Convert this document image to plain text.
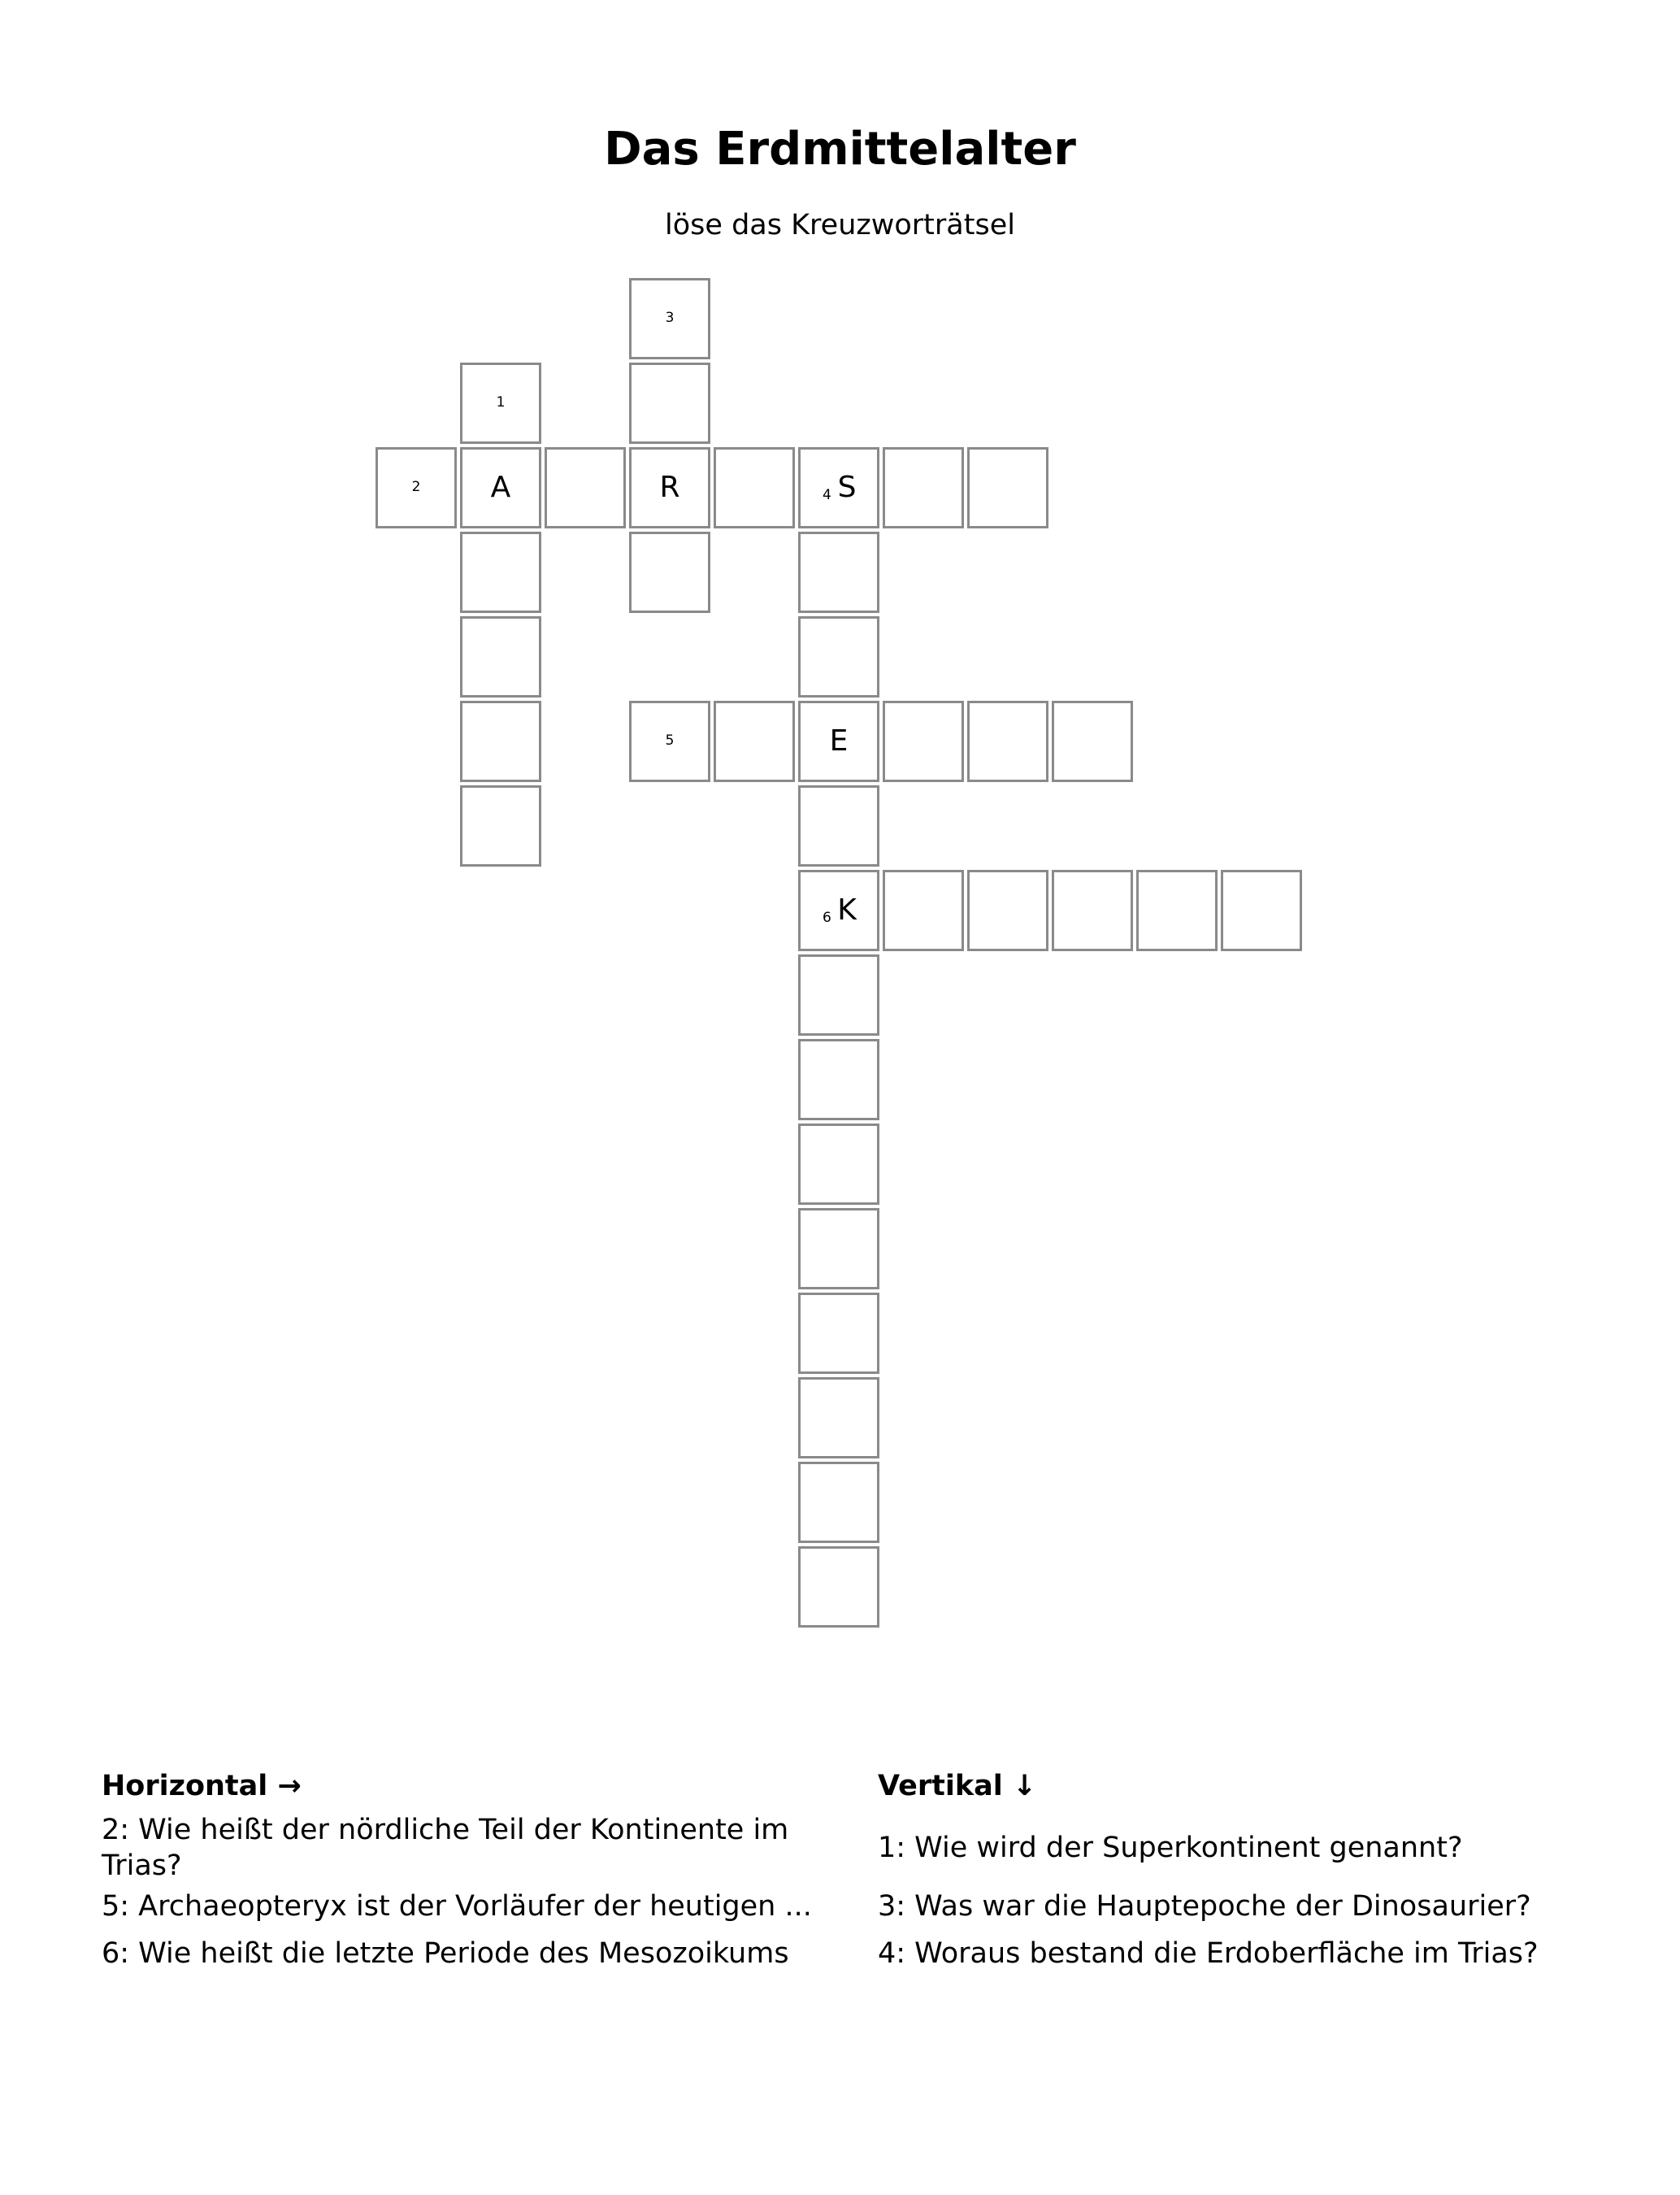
Das Erdmittelalter
löse das Kreuzworträtsel
3
1
2	A	R	4 S
5	E
6 K
Horizontal →

2: Wie heißt der nördliche Teil der Kontinente im Trias?

5: Archaeopteryx ist der Vorläufer der heutigen ...

6: Wie heißt die letzte Periode des Mesozoikums

Vertikal ↓

1: Wie wird der Superkontinent genannt?

3: Was war die Hauptepoche der Dinosaurier?

4: Woraus bestand die Erdoberfläche im Trias?
